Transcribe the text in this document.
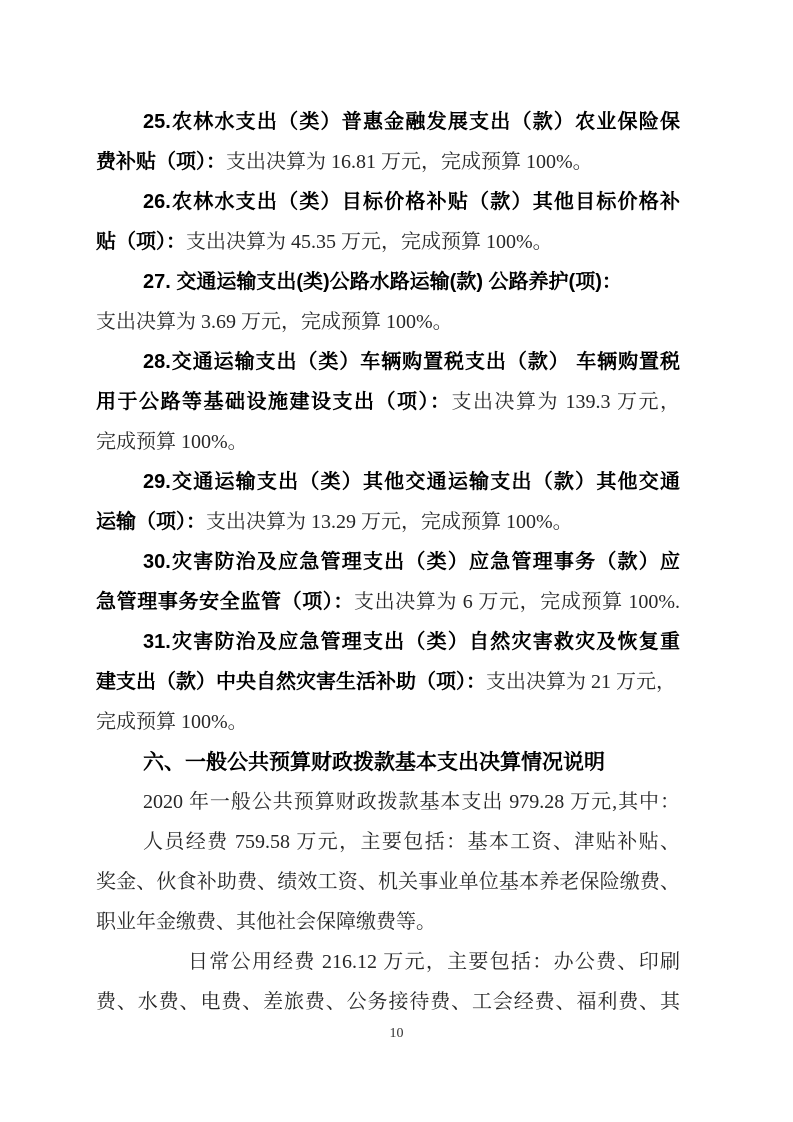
25.农林水支出（类）普惠金融发展支出（款）农业保险保
费补贴（项）：支出决算为 16.81 万元，完成预算 100%。
26.农林水支出（类）目标价格补贴（款）其他目标价格补
贴（项）：支出决算为 45.35 万元，完成预算 100%。
27. 交通运输支出(类)公路水路运输(款) 公路养护(项)：
支出决算为 3.69 万元，完成预算 100%。
28.交通运输支出（类）车辆购置税支出（款） 车辆购置税
用于公路等基础设施建设支出（项）：支出决算为 139.3 万元，
完成预算 100%。
29.交通运输支出（类）其他交通运输支出（款）其他交通
运输（项）：支出决算为 13.29 万元，完成预算 100%。
30.灾害防治及应急管理支出（类）应急管理事务（款）应
急管理事务安全监管（项）：支出决算为 6 万元，完成预算 100%.
31.灾害防治及应急管理支出（类）自然灾害救灾及恢复重
建支出（款）中央自然灾害生活补助（项）：支出决算为 21 万元，
完成预算 100%。
六、一般公共预算财政拨款基本支出决算情况说明
2020 年一般公共预算财政拨款基本支出 979.28 万元,其中：
人员经费 759.58 万元，主要包括：基本工资、津贴补贴、
奖金、伙食补助费、绩效工资、机关事业单位基本养老保险缴费、
职业年金缴费、其他社会保障缴费等。
日常公用经费 216.12 万元，主要包括：办公费、印刷
费、水费、电费、差旅费、公务接待费、工会经费、福利费、其
10
